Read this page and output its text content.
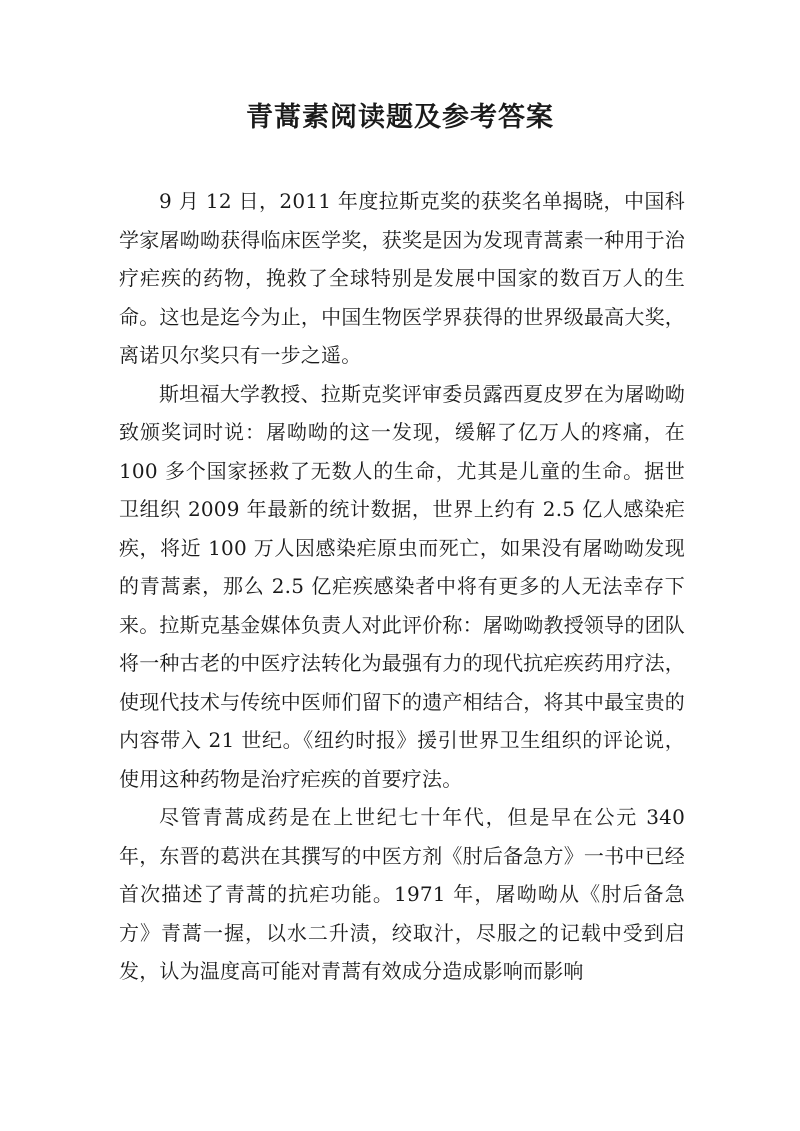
青蒿素阅读题及参考答案

9 月 12 日，2011 年度拉斯克奖的获奖名单揭晓，中国科学家屠呦呦获得临床医学奖，获奖是因为发现青蒿素一种用于治疗疟疾的药物，挽救了全球特别是发展中国家的数百万人的生命。这也是迄今为止，中国生物医学界获得的世界级最高大奖，离诺贝尔奖只有一步之遥。

斯坦福大学教授、拉斯克奖评审委员露西夏皮罗在为屠呦呦致颁奖词时说：屠呦呦的这一发现，缓解了亿万人的疼痛，在 100 多个国家拯救了无数人的生命，尤其是儿童的生命。据世卫组织 2009 年最新的统计数据，世界上约有 2.5 亿人感染疟疾，将近 100 万人因感染疟原虫而死亡，如果没有屠呦呦发现的青蒿素，那么 2.5 亿疟疾感染者中将有更多的人无法幸存下来。拉斯克基金媒体负责人对此评价称：屠呦呦教授领导的团队将一种古老的中医疗法转化为最强有力的现代抗疟疾药用疗法，使现代技术与传统中医师们留下的遗产相结合，将其中最宝贵的内容带入 21 世纪。《纽约时报》援引世界卫生组织的评论说，使用这种药物是治疗疟疾的首要疗法。

尽管青蒿成药是在上世纪七十年代，但是早在公元 340 年，东晋的葛洪在其撰写的中医方剂《肘后备急方》一书中已经首次描述了青蒿的抗疟功能。1971 年，屠呦呦从《肘后备急方》青蒿一握，以水二升渍，绞取汁，尽服之的记载中受到启发，认为温度高可能对青蒿有效成分造成影响而影响
